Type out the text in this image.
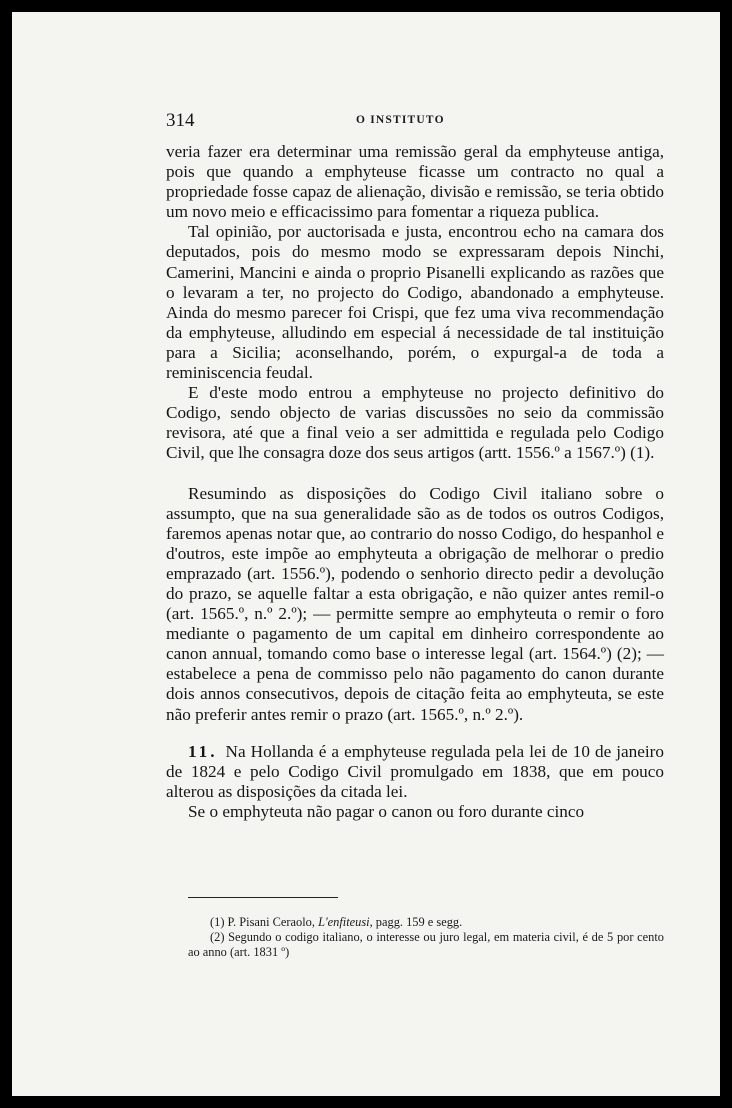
314	O INSTITUTO

veria fazer era determinar uma remissão geral da emphyteuse antiga, pois que quando a emphyteuse ficasse um contracto no qual a propriedade fosse capaz de alienação, divisão e remissão, se teria obtido um novo meio e efficacissimo para fomentar a riqueza publica.

Tal opinião, por auctorisada e justa, encontrou echo na camara dos deputados, pois do mesmo modo se expressaram depois Ninchi, Camerini, Mancini e ainda o proprio Pisanelli explicando as razões que o levaram a ter, no projecto do Codigo, abandonado a emphyteuse. Ainda do mesmo parecer foi Crispi, que fez uma viva recommendação da emphyteuse, alludindo em especial á necessidade de tal instituição para a Sicilia; aconselhando, porém, o expurgal-a de toda a reminiscencia feudal.

E d'este modo entrou a emphyteuse no projecto definitivo do Codigo, sendo objecto de varias discussões no seio da commissão revisora, até que a final veio a ser admittida e regulada pelo Codigo Civil, que lhe consagra doze dos seus artigos (artt. 1556.º a 1567.º) (1).

Resumindo as disposições do Codigo Civil italiano sobre o assumpto, que na sua generalidade são as de todos os outros Codigos, faremos apenas notar que, ao contrario do nosso Codigo, do hespanhol e d'outros, este impõe ao emphyteuta a obrigação de melhorar o predio emprazado (art. 1556.º), podendo o senhorio directo pedir a devolução do prazo, se aquelle faltar a esta obrigação, e não quizer antes remil-o (art. 1565.º, n.º 2.º); — permitte sempre ao emphyteuta o remir o foro mediante o pagamento de um capital em dinheiro correspondente ao canon annual, tomando como base o interesse legal (art. 1564.º) (2); — estabelece a pena de commisso pelo não pagamento do canon durante dois annos consecutivos, depois de citação feita ao emphyteuta, se este não preferir antes remir o prazo (art. 1565.º, n.º 2.º).

11. Na Hollanda é a emphyteuse regulada pela lei de 10 de janeiro de 1824 e pelo Codigo Civil promulgado em 1838, que em pouco alterou as disposições da citada lei.

Se o emphyteuta não pagar o canon ou foro durante cinco

(1) P. Pisani Ceraolo, L'enfiteusi, pagg. 159 e segg.

(2) Segundo o codigo italiano, o interesse ou juro legal, em materia civil, é de 5 por cento ao anno (art. 1831 º)
